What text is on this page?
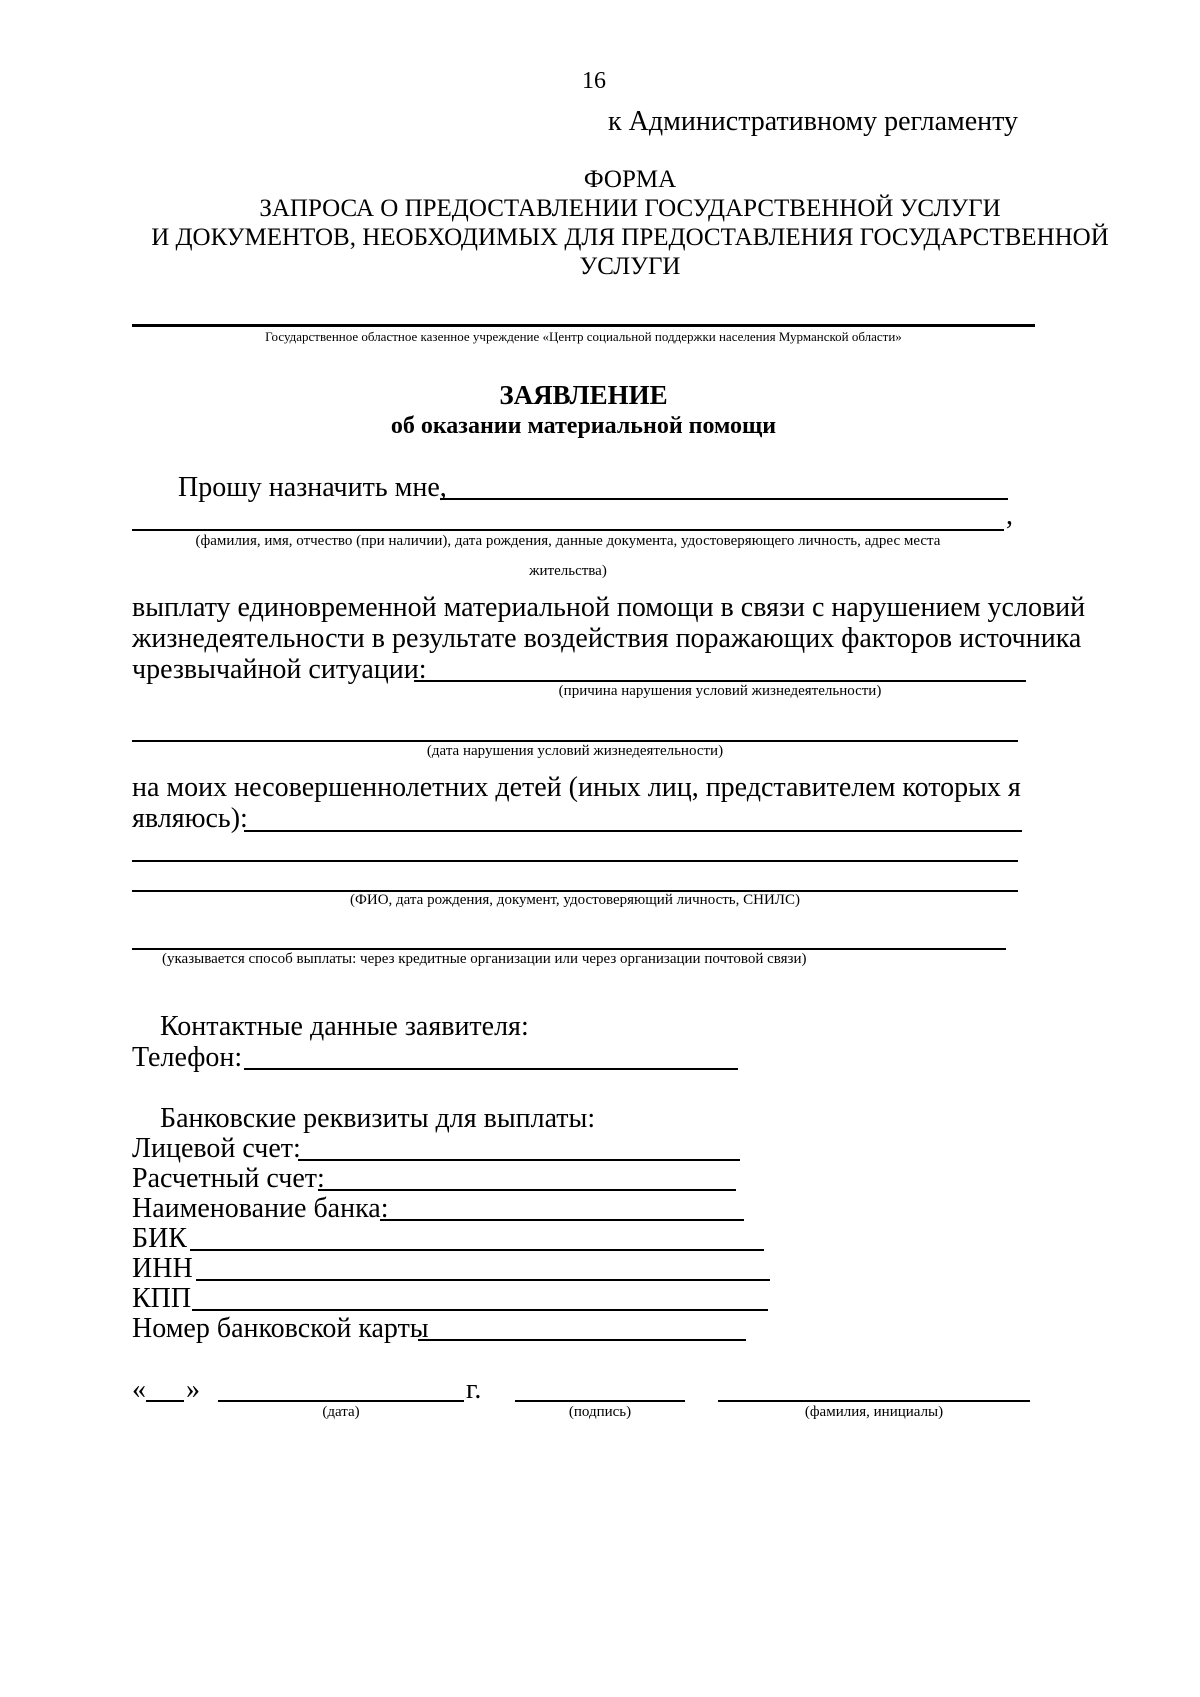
16
к Административному регламенту
ФОРМА
ЗАПРОСА О ПРЕДОСТАВЛЕНИИ ГОСУДАРСТВЕННОЙ УСЛУГИ
И ДОКУМЕНТОВ, НЕОБХОДИМЫХ ДЛЯ ПРЕДОСТАВЛЕНИЯ ГОСУДАРСТВЕННОЙ
УСЛУГИ
Государственное областное казенное учреждение «Центр социальной поддержки населения Мурманской области»
ЗАЯВЛЕНИЕ
об оказании материальной помощи
Прошу назначить мне,
,
(фамилия, имя, отчество (при наличии), дата рождения, данные документа, удостоверяющего личность, адрес места
жительства)
выплату единовременной материальной помощи в связи с нарушением условий
жизнедеятельности в результате воздействия поражающих факторов источника
чрезвычайной ситуации:
(причина нарушения условий жизнедеятельности)
(дата нарушения условий жизнедеятельности)
на моих несовершеннолетних детей (иных лиц, представителем которых я
являюсь):
(ФИО, дата рождения, документ, удостоверяющий личность, СНИЛС)
(указывается способ выплаты: через кредитные организации или через организации почтовой связи)
Контактные данные заявителя:
Телефон:
Банковские реквизиты для выплаты:
Лицевой счет:
Расчетный счет:
Наименование банка:
БИК
ИНН
КПП
Номер банковской карты
« »	г.
(дата)	(подпись)	(фамилия, инициалы)
